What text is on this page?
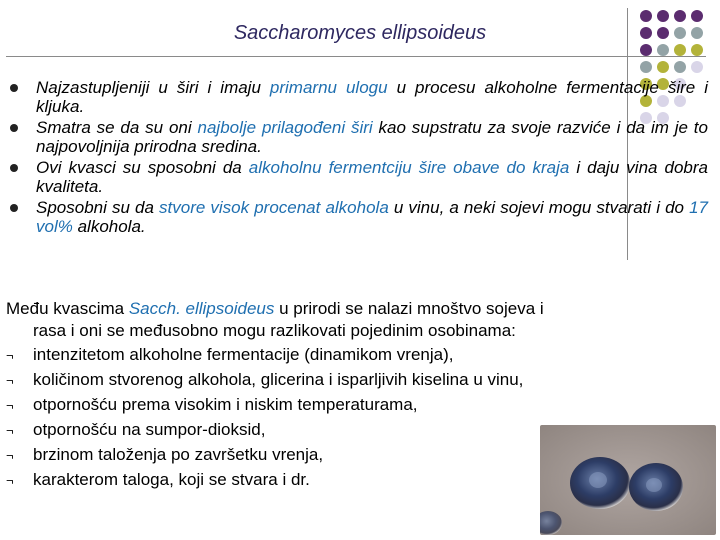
Saccharomyces ellipsoideus
Najzastupljeniji u širi i imaju primarnu ulogu u procesu alkoholne fermentacije šire i kljuka.
Smatra se da su oni najbolje prilagođeni širi kao supstratu za svoje razviće i da im je to najpovoljnija prirodna sredina.
Ovi kvasci su sposobni da alkoholnu fermentciju šire obave do kraja i daju vina dobra kvaliteta.
Sposobni su da stvore visok procenat alkohola u vinu, a neki sojevi mogu stvarati i do 17 vol% alkohola.
Među kvascima Sacch. ellipsoideus u prirodi se nalazi mnoštvo sojeva i
rasa i oni se međusobno mogu razlikovati pojedinim osobinama:
¬ intenzitetom alkoholne fermentacije (dinamikom vrenja),
¬ količinom stvorenog alkohola, glicerina i isparljivih kiselina u vinu,
¬ otpornošću prema visokim i niskim temperaturama,
¬ otpornošću na sumpor-dioksid,
¬ brzinom taloženja po završetku vrenja,
¬ karakterom taloga, koji se stvara i dr.
